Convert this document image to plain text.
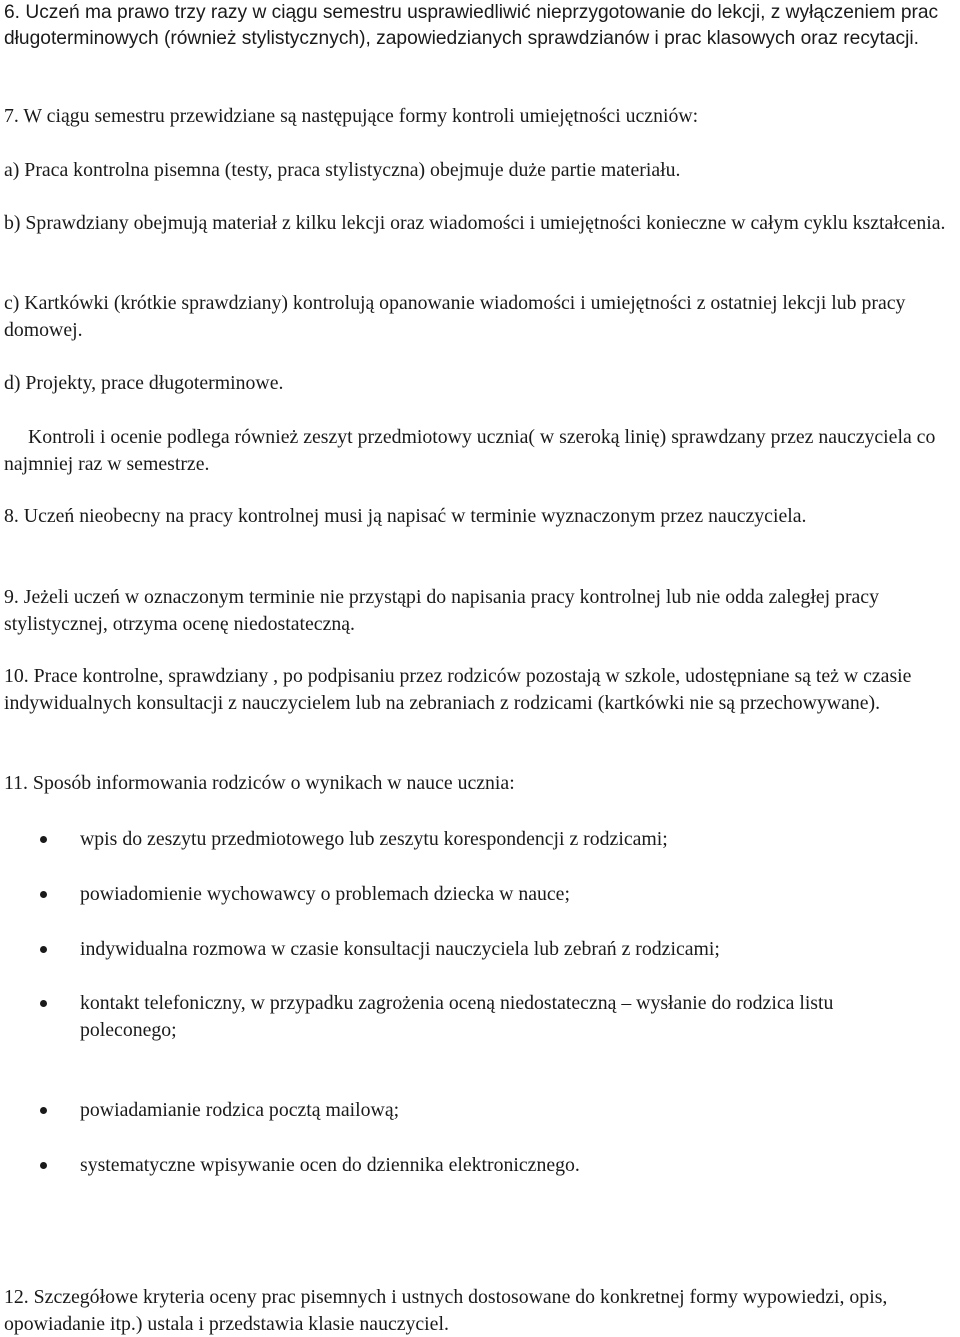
6. Uczeń ma prawo trzy razy w ciągu semestru usprawiedliwić nieprzygotowanie do lekcji, z wyłączeniem prac długoterminowych (również stylistycznych), zapowiedzianych sprawdzianów i prac klasowych oraz recytacji.

7. W ciągu semestru przewidziane są następujące formy kontroli umiejętności uczniów:

a) Praca kontrolna pisemna (testy, praca stylistyczna) obejmuje duże partie materiału.

b) Sprawdziany obejmują materiał z kilku lekcji oraz wiadomości i umiejętności konieczne w całym cyklu kształcenia.

c) Kartkówki (krótkie sprawdziany) kontrolują opanowanie wiadomości i umiejętności z ostatniej lekcji lub pracy domowej.

d) Projekty, prace długoterminowe.

Kontroli i ocenie podlega również zeszyt przedmiotowy ucznia( w szeroką linię) sprawdzany przez nauczyciela co najmniej raz w semestrze.

8. Uczeń nieobecny na pracy kontrolnej musi ją napisać w terminie wyznaczonym przez nauczyciela.

9. Jeżeli uczeń w oznaczonym terminie nie przystąpi do napisania pracy kontrolnej lub nie odda zaległej pracy stylistycznej, otrzyma ocenę niedostateczną.

10. Prace kontrolne, sprawdziany , po podpisaniu przez rodziców pozostają w szkole, udostępniane są też w czasie indywidualnych konsultacji z nauczycielem lub na zebraniach z rodzicami (kartkówki nie są przechowywane).

11. Sposób informowania rodziców o wynikach w nauce ucznia:

wpis do zeszytu przedmiotowego lub zeszytu korespondencji z rodzicami;
powiadomienie wychowawcy o problemach dziecka w nauce;
indywidualna rozmowa w czasie konsultacji nauczyciela lub zebrań z rodzicami;
kontakt telefoniczny, w przypadku zagrożenia oceną niedostateczną – wysłanie do rodzica listu poleconego;
powiadamianie rodzica pocztą mailową;
systematyczne wpisywanie ocen do dziennika elektronicznego.

12. Szczegółowe kryteria oceny prac pisemnych i ustnych dostosowane do konkretnej formy wypowiedzi, opis, opowiadanie itp.) ustala i przedstawia klasie nauczyciel.
